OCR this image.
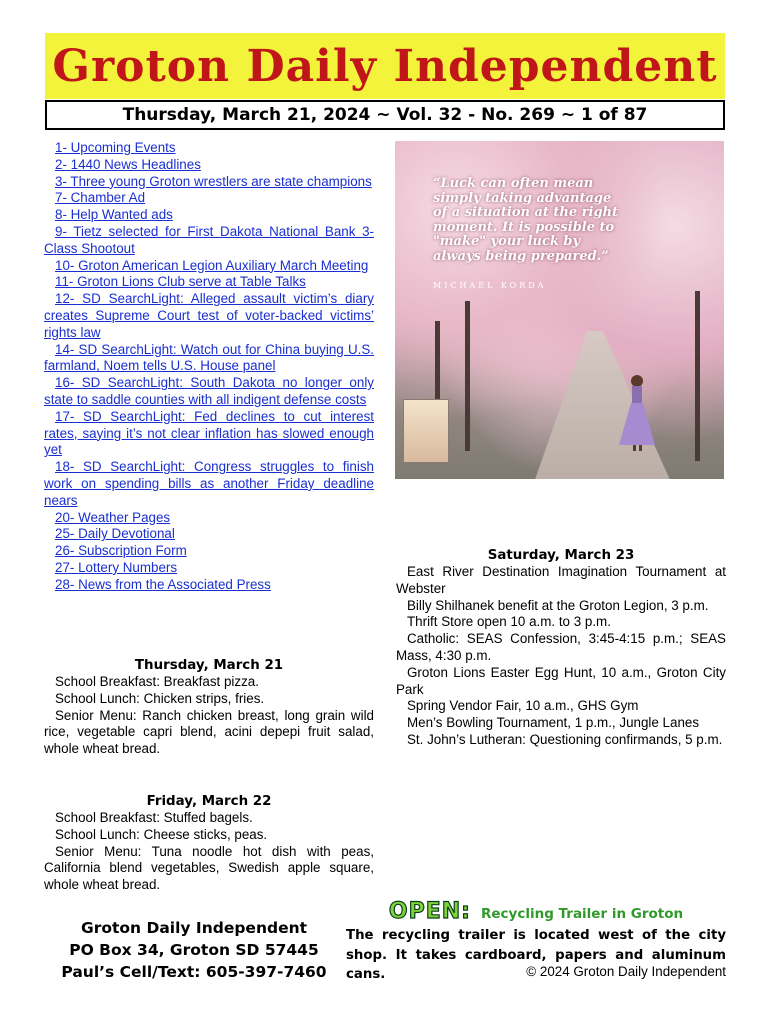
Groton Daily Independent
Thursday, March 21, 2024 ~ Vol. 32 - No. 269 ~ 1 of 87
1- Upcoming Events
2- 1440 News Headlines
3- Three young Groton wrestlers are state champions
7- Chamber Ad
8- Help Wanted ads
9- Tietz selected for First Dakota National Bank 3-Class Shootout
10- Groton American Legion Auxiliary March Meeting
11- Groton Lions Club serve at Table Talks
12- SD SearchLight: Alleged assault victim’s diary creates Supreme Court test of voter-backed victims’ rights law
14- SD SearchLight: Watch out for China buying U.S. farmland, Noem tells U.S. House panel
16- SD SearchLight: South Dakota no longer only state to saddle counties with all indigent defense costs
17- SD SearchLight: Fed declines to cut interest rates, saying it’s not clear inflation has slowed enough yet
18- SD SearchLight: Congress struggles to finish work on spending bills as another Friday deadline nears
20- Weather Pages
25- Daily Devotional
26- Subscription Form
27- Lottery Numbers
28- News from the Associated Press
“Luck can often mean simply taking advantage of a situation at the right moment. It is possible to "make" your luck by always being prepared.”
MICHAEL KORDA
Thursday, March 21

School Breakfast: Breakfast pizza.

School Lunch: Chicken strips, fries.

Senior Menu: Ranch chicken breast, long grain wild rice, vegetable capri blend, acini depepi fruit salad, whole wheat bread.

Friday, March 22

School Breakfast: Stuffed bagels.

School Lunch: Cheese sticks, peas.

Senior Menu: Tuna noodle hot dish with peas, California blend vegetables, Swedish apple square, whole wheat bread.

Saturday, March 23

East River Destination Imagination Tournament at Webster

Billy Shilhanek benefit at the Groton Legion, 3 p.m.

Thrift Store open 10 a.m. to 3 p.m.

Catholic: SEAS Confession, 3:45-4:15 p.m.; SEAS Mass, 4:30 p.m.

Groton Lions Easter Egg Hunt, 10 a.m., Groton City Park

Spring Vendor Fair, 10 a.m., GHS Gym

Men’s Bowling Tournament, 1 p.m., Jungle Lanes

St. John’s Lutheran: Questioning confirmands, 5 p.m.

Groton Daily Independent
PO Box 34, Groton SD 57445
Paul’s Cell/Text: 605-397-7460
OPEN: Recycling Trailer in Groton
The recycling trailer is located west of the city shop. It takes cardboard, papers and aluminum cans.	© 2024 Groton Daily Independent
